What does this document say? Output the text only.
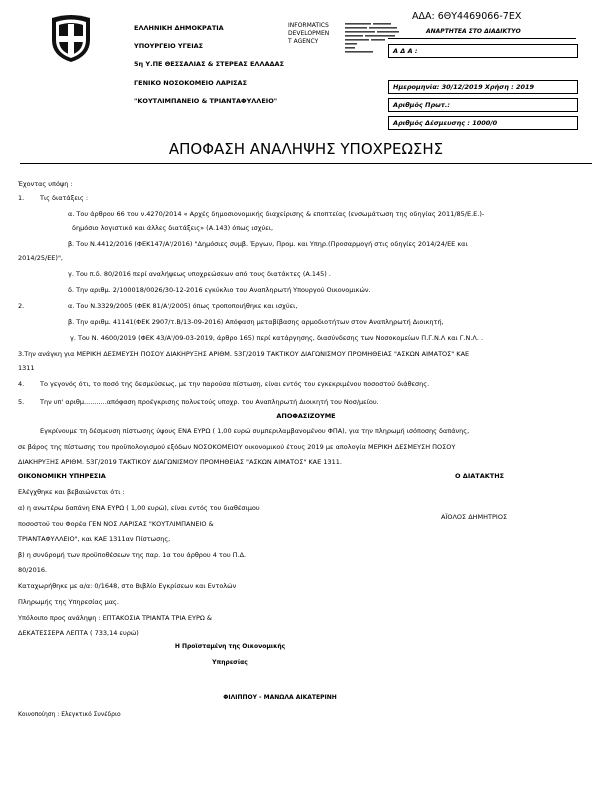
ΕΛΛΗΝΙΚΗ ΔΗΜΟΚΡΑΤΙΑ
ΥΠΟΥΡΓΕΙΟ ΥΓΕΙΑΣ
5η Υ.ΠΕ ΘΕΣΣΑΛΙΑΣ & ΣΤΕΡΕΑΣ ΕΛΛΑΔΑΣ
ΓΕΝΙΚΟ ΝΟΣΟΚΟΜΕΙΟ ΛΑΡΙΣΑΣ
"ΚΟΥΤΛΙΜΠΑΝΕΙΟ & ΤΡΙΑΝΤΑΦΥΛΛΕΙΟ"
INFORMATICS
DEVELOPMEN
T AGENCY
ΑΔΑ: 6ΘΥ4469066-7ΕΧ
ΑΝΑΡΤΗΤΕΑ ΣΤΟ ΔΙΑΔΙΚΤΥΟ
Α Δ Α :
Ημερομηνία: 30/12/2019 Χρήση : 2019
Αριθμός Πρωτ.:
Αριθμός Δέσμευσης : 1000/0
ΑΠΟΦΑΣΗ ΑΝΑΛΗΨΗΣ ΥΠΟΧΡΕΩΣΗΣ
Έχοντας υπόψη :
1. Τις διατάξεις :
α. Του άρθρου 66 του ν.4270/2014 « Αρχές δημοσιονομικής διαχείρισης & εποπτείας (ενσωμάτωση της οδηγίας 2011/85/Ε.Ε.)-
δημόσιο λογιστικό και άλλες διατάξεις» (Α.143) όπως ισχύει,
β. Του Ν.4412/2016 (ΦΕΚ147/Α'/2016) "Δημόσιες συμβ. Έργων, Προμ. και Υπηρ.(Προσαρμογή στις οδηγίες 2014/24/ΕΕ και
2014/25/ΕΕ)",
γ. Του π.δ. 80/2016 περί αναλήψεως υποχρεώσεων από τους διατάκτες (Α.145) .
δ. Την αριθμ. 2/100018/0026/30-12-2016 εγκύκλιο του Αναπληρωτή Υπουργού Οικονομικών.
2.	α. Του Ν.3329/2005 (ΦΕΚ 81/Α'/2005) όπως τροποποιήθηκε και ισχύει,
β. Την αριθμ. 41141(ΦΕΚ 2907/τ.Β/13-09-2016) Απόφαση μεταβίβασης αρμοδιοτήτων στον Αναπληρωτή Διοικητή,
γ. Του Ν. 4600/2019 (ΦΕΚ 43/Α'/09-03-2019, άρθρο 165) περί κατάργησης, διασύνδεσης των Νοσοκομείων Π.Γ.Ν.Λ και Γ.Ν.Λ. .
3.Την ανάγκη για ΜΕΡΙΚΗ ΔΕΣΜΕΥΣΗ ΠΟΣΟΥ ΔΙΑΚΗΡΥΞΗΣ ΑΡΙΘΜ. 53Γ/2019 ΤΑΚΤΙΚΟΥ ΔΙΑΓΩΝΙΣΜΟΥ ΠΡΟΜΗΘΕΙΑΣ "ΑΣΚΩΝ ΑΙΜΑΤΟΣ" ΚΑΕ
1311
4. Το γεγονός ότι, το ποσό της δεσμεύσεως, με την παρούσα πίστωση, είναι εντός του εγκεκριμένου ποσοστού διάθεσης.
5. Την υπ' αριθμ...........απόφαση προέγκρισης πολυετούς υποχρ. του Αναπληρωτή Διοικητή του Νοσ/μείου.
ΑΠΟΦΑΣΙΖΟΥΜΕ
Εγκρίνουμε τη δέσμευση πίστωσης ύψους ΕΝΑ ΕΥΡΩ ( 1,00 ευρώ συμπεριλαμβανομένου ΦΠΑ), για την πληρωμή ισόποσης δαπάνης,
σε βάρος της πίστωσης του προϋπολογισμού εξόδων ΝΟΣΟΚΟΜΕΙΟΥ οικονομικού έτους 2019 με απολογία ΜΕΡΙΚΗ ΔΕΣΜΕΥΣΗ ΠΟΣΟΥ
ΔΙΑΚΗΡΥΞΗΣ ΑΡΙΘΜ. 53Γ/2019 ΤΑΚΤΙΚΟΥ ΔΙΑΓΩΝΙΣΜΟΥ ΠΡΟΜΗΘΕΙΑΣ "ΑΣΚΩΝ ΑΙΜΑΤΟΣ" ΚΑΕ 1311.
Ο ΔΙΑΤΑΚΤΗΣ
ΑΪΟΛΟΣ ΔΗΜΗΤΡΙΟΣ
ΟΙΚΟΝΟΜΙΚΗ ΥΠΗΡΕΣΙΑ
Ελέγχθηκε και βεβαιώνεται ότι :
α) η ανωτέρω δαπάνη ΕΝΑ ΕΥΡΩ ( 1,00 ευρώ), είναι εντός του διαθέσιμου
ποσοστού του Φορέα ΓΕΝ ΝΟΣ ΛΑΡΙΣΑΣ "ΚΟΥΤΛΙΜΠΑΝΕΙΟ &
ΤΡΙΑΝΤΑΦΥΛΛΕΙΟ", και ΚΑΕ 1311αν Πίστωσης,
β) η συνδρομή των προϋποθέσεων της παρ. 1α του άρθρου 4 του Π.Δ.
80/2016.
Καταχωρήθηκε με α/α: 0/1648, στο Βιβλίο Εγκρίσεων και Εντολών
Πληρωμής της Υπηρεσίας μας.
Υπόλοιπο προς ανάληψη : ΕΠΤΑΚΟΣΙΑ ΤΡΙΑΝΤΑ ΤΡΙΑ ΕΥΡΩ &
ΔΕΚΑΤΕΣΣΕΡΑ ΛΕΠΤΑ ( 733,14 ευρώ)
Η Προϊσταμένη της Οικονομικής
Υπηρεσίας
ΦΙΛΙΠΠΟΥ - ΜΑΝΩΛΑ ΑΙΚΑΤΕΡΙΝΗ
Κοινοποίηση : Ελεγκτικό Συνέδριο
